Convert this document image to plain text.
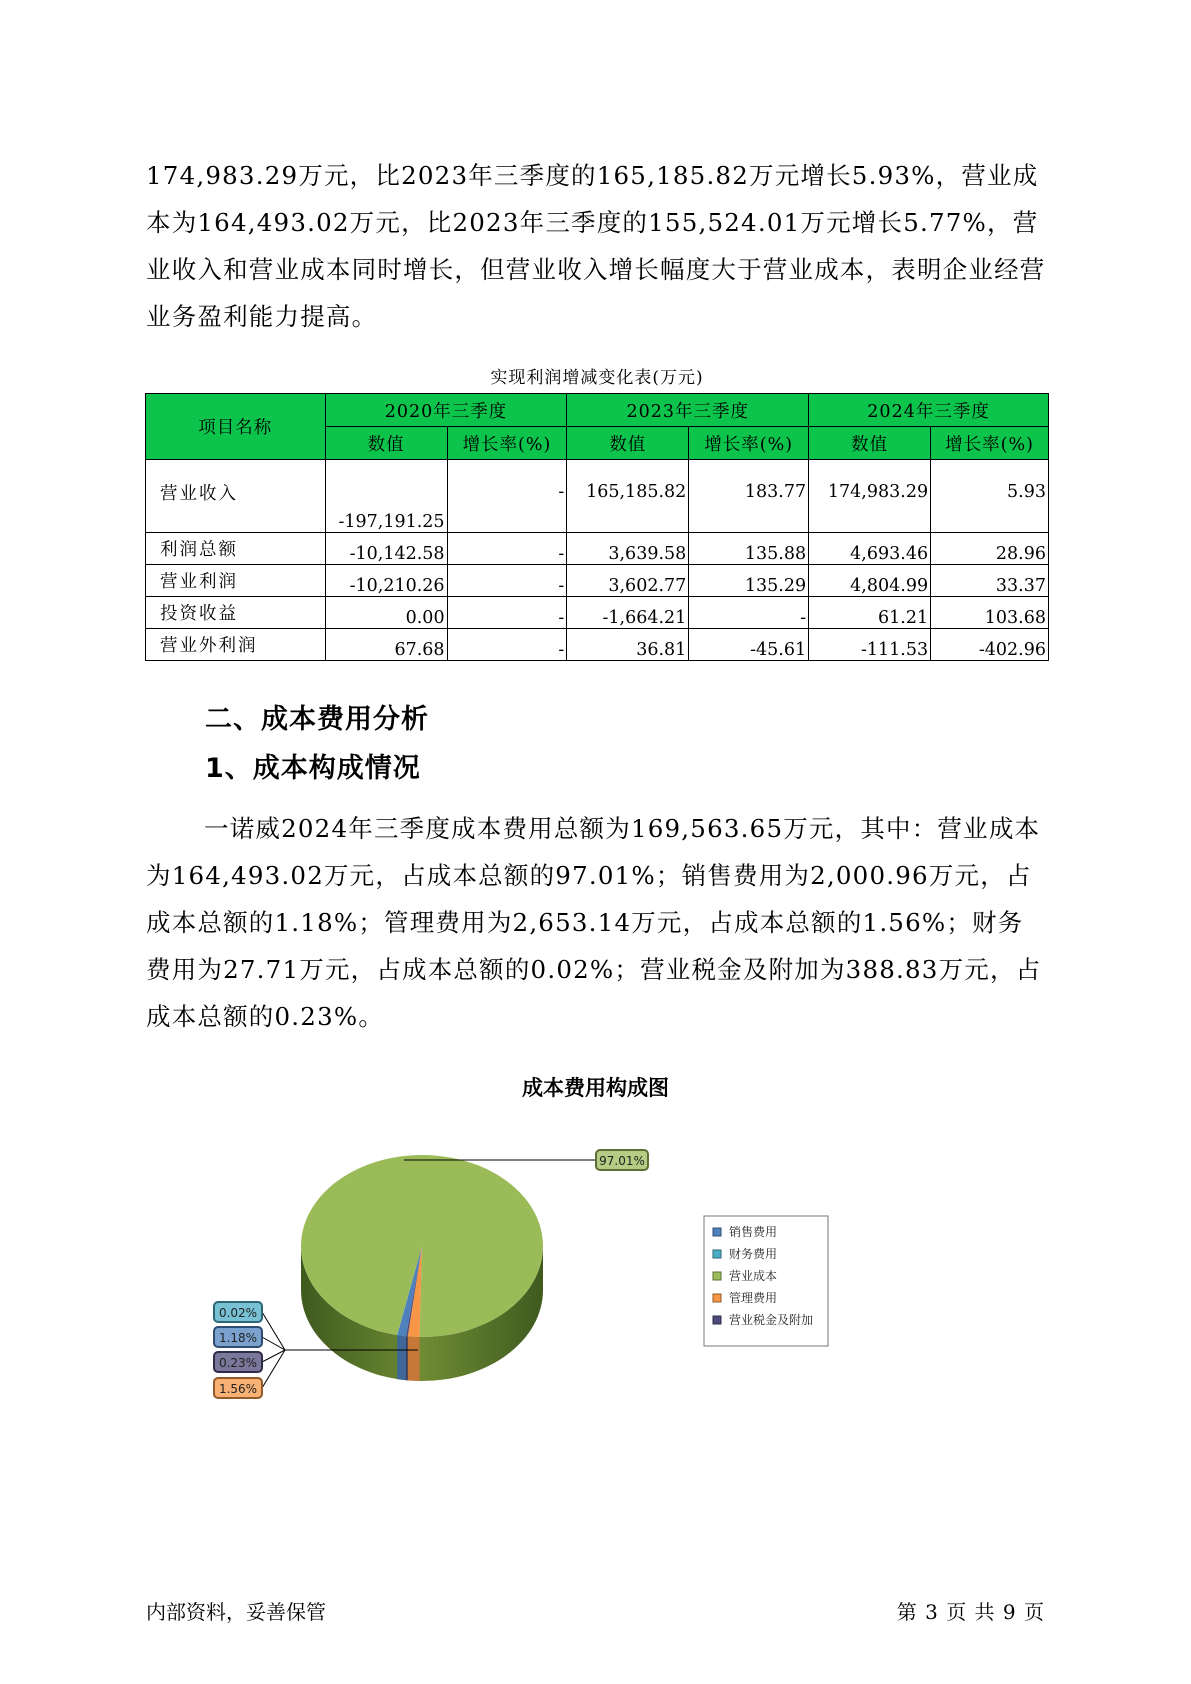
174,983.29万元，比2023年三季度的165,185.82万元增长5.93%，营业成本为164,493.02万元，比2023年三季度的155,524.01万元增长5.77%，营业收入和营业成本同时增长，但营业收入增长幅度大于营业成本，表明企业经营业务盈利能力提高。

实现利润增减变化表(万元)
项目名称	2020年三季度		2023年三季度		2024年三季度	
	数值	增长率(%)	数值	增长率(%)	数值	增长率(%)
营业收入	-197,191.25	-	165,185.82	183.77	174,983.29	5.93
利润总额	-10,142.58	-	3,639.58	135.88	4,693.46	28.96
营业利润	-10,210.26	-	3,602.77	135.29	4,804.99	33.37
投资收益	0.00	-	-1,664.21	-	61.21	103.68
营业外利润	67.68	-	36.81	-45.61	-111.53	-402.96
二、成本费用分析
1、成本构成情况

一诺威2024年三季度成本费用总额为169,563.65万元，其中：营业成本为164,493.02万元，占成本总额的97.01%；销售费用为2,000.96万元，占成本总额的1.18%；管理费用为2,653.14万元，占成本总额的1.56%；财务费用为27.71万元，占成本总额的0.02%；营业税金及附加为388.83万元，占成本总额的0.23%。

成本费用构成图
97.01%
0.02%
1.18%
0.23%
1.56%
销售费用
财务费用
营业成本
管理费用
营业税金及附加
内部资料，妥善保管	第 3 页 共 9 页
